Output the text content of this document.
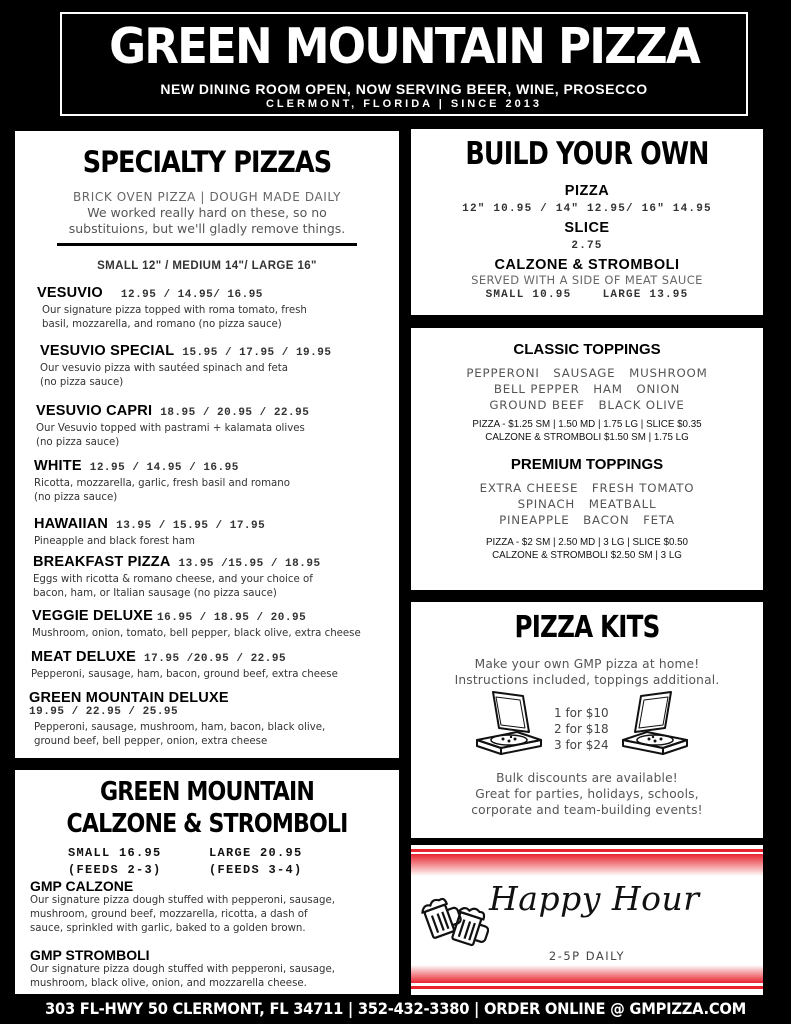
GREEN MOUNTAIN PIZZA
NEW DINING ROOM OPEN, NOW SERVING BEER, WINE, PROSECCO
CLERMONT, FLORIDA | SINCE 2013
SPECIALTY PIZZAS
BRICK OVEN PIZZA | DOUGH MADE DAILY
We worked really hard on these, so no
substituions, but we'll gladly remove things.
SMALL 12" / MEDIUM 14"/ LARGE 16"
VESUVIO 12.95 / 14.95/ 16.95
Our signature pizza topped with roma tomato, fresh
basil, mozzarella, and romano (no pizza sauce)
VESUVIO SPECIAL 15.95 / 17.95 / 19.95
Our vesuvio pizza with sautéed spinach and feta
(no pizza sauce)
VESUVIO CAPRI 18.95 / 20.95 / 22.95
Our Vesuvio topped with pastrami + kalamata olives
(no pizza sauce)
WHITE 12.95 / 14.95 / 16.95
Ricotta, mozzarella, garlic, fresh basil and romano
(no pizza sauce)
HAWAIIAN 13.95 / 15.95 / 17.95
Pineapple and black forest ham
BREAKFAST PIZZA 13.95 /15.95 / 18.95
Eggs with ricotta & romano cheese, and your choice of
bacon, ham, or Italian sausage (no pizza sauce)
VEGGIE DELUXE 16.95 / 18.95 / 20.95
Mushroom, onion, tomato, bell pepper, black olive, extra cheese
MEAT DELUXE 17.95 /20.95 / 22.95
Pepperoni, sausage, ham, bacon, ground beef, extra cheese
GREEN MOUNTAIN DELUXE
19.95 / 22.95 / 25.95
Pepperoni, sausage, mushroom, ham, bacon, black olive,
ground beef, bell pepper, onion, extra cheese
GREEN MOUNTAIN
CALZONE & STROMBOLI
SMALL 16.95
(FEEDS 2-3)
LARGE 20.95
(FEEDS 3-4)
GMP CALZONE
Our signature pizza dough stuffed with pepperoni, sausage,
mushroom, ground beef, mozzarella, ricotta, a dash of
sauce, sprinkled with garlic, baked to a golden brown.
GMP STROMBOLI
Our signature pizza dough stuffed with pepperoni, sausage,
mushroom, black olive, onion, and mozzarella cheese.
BUILD YOUR OWN
PIZZA
12" 10.95 / 14" 12.95/ 16" 14.95
SLICE
2.75
CALZONE & STROMBOLI
SERVED WITH A SIDE OF MEAT SAUCE
SMALL 10.95    LARGE 13.95
CLASSIC TOPPINGS
PEPPERONI   SAUSAGE   MUSHROOM
BELL PEPPER   HAM   ONION
GROUND BEEF   BLACK OLIVE
PIZZA - $1.25 SM | 1.50 MD | 1.75 LG | SLICE $0.35
CALZONE & STROMBOLI $1.50 SM | 1.75 LG
PREMIUM TOPPINGS
EXTRA CHEESE   FRESH TOMATO
SPINACH   MEATBALL
PINEAPPLE   BACON   FETA
PIZZA - $2 SM | 2.50 MD | 3 LG | SLICE $0.50
CALZONE & STROMBOLI $2.50 SM | 3 LG
PIZZA KITS
Make your own GMP pizza at home!
Instructions included, toppings additional.
1 for $10
2 for $18
3 for $24
Bulk discounts are available!
Great for parties, holidays, schools,
corporate and team-building events!
Happy Hour
2-5P DAILY
303 FL-HWY 50 CLERMONT, FL 34711 | 352-432-3380 | ORDER ONLINE @ GMPIZZA.COM
